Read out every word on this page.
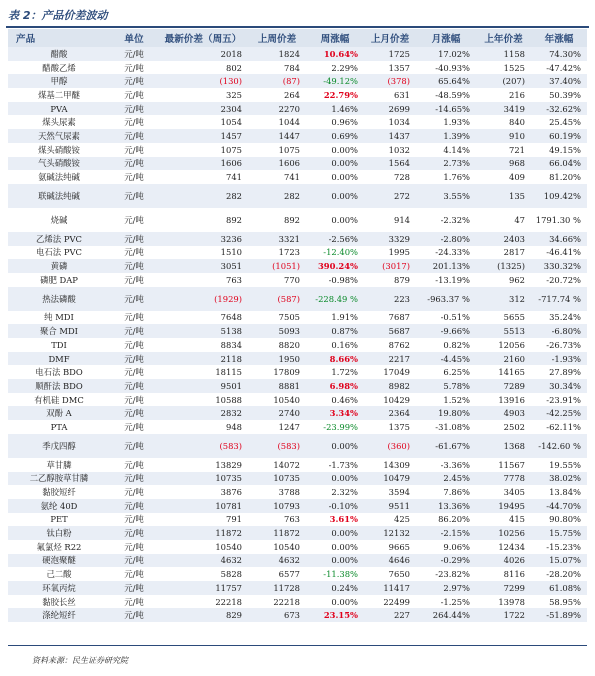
表 2：产品价差波动
产品	单位	最新价差（周五）	上周价差	周涨幅	上月价差	月涨幅	上年价差	年涨幅
醋酸	元/吨	2018	1824	10.64%	1725	17.02%	1158	74.30%
醋酸乙烯	元/吨	802	784	2.29%	1357	-40.93%	1525	-47.42%
甲醇	元/吨	(130)	(87)	-49.12%	(378)	65.64%	(207)	37.40%
煤基二甲醚	元/吨	325	264	22.79%	631	-48.59%	216	50.39%
PVA	元/吨	2304	2270	1.46%	2699	-14.65%	3419	-32.62%
煤头尿素	元/吨	1054	1044	0.96%	1034	1.93%	840	25.45%
天然气尿素	元/吨	1457	1447	0.69%	1437	1.39%	910	60.19%
煤头硝酸铵	元/吨	1075	1075	0.00%	1032	4.14%	721	49.15%
气头硝酸铵	元/吨	1606	1606	0.00%	1564	2.73%	968	66.04%
氨碱法纯碱	元/吨	741	741	0.00%	728	1.76%	409	81.20%
联碱法纯碱	元/吨	282	282	0.00%	272	3.55%	135	109.42%
烧碱	元/吨	892	892	0.00%	914	-2.32%	47	1791.30 %
乙烯法 PVC	元/吨	3236	3321	-2.56%	3329	-2.80%	2403	34.66%
电石法 PVC	元/吨	1510	1723	-12.40%	1995	-24.33%	2817	-46.41%
黄磷	元/吨	3051	(1051)	390.24%	(3017)	201.13%	(1325)	330.32%
磷肥 DAP	元/吨	763	770	-0.98%	879	-13.19%	962	-20.72%
热法磷酸	元/吨	(1929)	(587)	-228.49 %	223	-963.37 %	312	-717.74 %
纯 MDI	元/吨	7648	7505	1.91%	7687	-0.51%	5655	35.24%
聚合 MDI	元/吨	5138	5093	0.87%	5687	-9.66%	5513	-6.80%
TDI	元/吨	8834	8820	0.16%	8762	0.82%	12056	-26.73%
DMF	元/吨	2118	1950	8.66%	2217	-4.45%	2160	-1.93%
电石法 BDO	元/吨	18115	17809	1.72%	17049	6.25%	14165	27.89%
顺酐法 BDO	元/吨	9501	8881	6.98%	8982	5.78%	7289	30.34%
有机硅 DMC	元/吨	10588	10540	0.46%	10429	1.52%	13916	-23.91%
双酚 A	元/吨	2832	2740	3.34%	2364	19.80%	4903	-42.25%
PTA	元/吨	948	1247	-23.99%	1375	-31.08%	2502	-62.11%
季戊四醇	元/吨	(583)	(583)	0.00%	(360)	-61.67%	1368	-142.60 %
草甘膦	元/吨	13829	14072	-1.73%	14309	-3.36%	11567	19.55%
二乙醇胺草甘膦	元/吨	10735	10735	0.00%	10479	2.45%	7778	38.02%
黏胶短纤	元/吨	3876	3788	2.32%	3594	7.86%	3405	13.84%
氨纶 40D	元/吨	10781	10793	-0.10%	9511	13.36%	19495	-44.70%
PET	元/吨	791	763	3.61%	425	86.20%	415	90.80%
钛白粉	元/吨	11872	11872	0.00%	12132	-2.15%	10256	15.75%
氟氯烃 R22	元/吨	10540	10540	0.00%	9665	9.06%	12434	-15.23%
硬泡聚醚	元/吨	4632	4632	0.00%	4646	-0.29%	4026	15.07%
己二酸	元/吨	5828	6577	-11.38%	7650	-23.82%	8116	-28.20%
环氧丙烷	元/吨	11757	11728	0.24%	11417	2.97%	7299	61.08%
黏胶长丝	元/吨	22218	22218	0.00%	22499	-1.25%	13978	58.95%
涤纶短纤	元/吨	829	673	23.15%	227	264.44%	1722	-51.89%
资料来源：民生证券研究院
